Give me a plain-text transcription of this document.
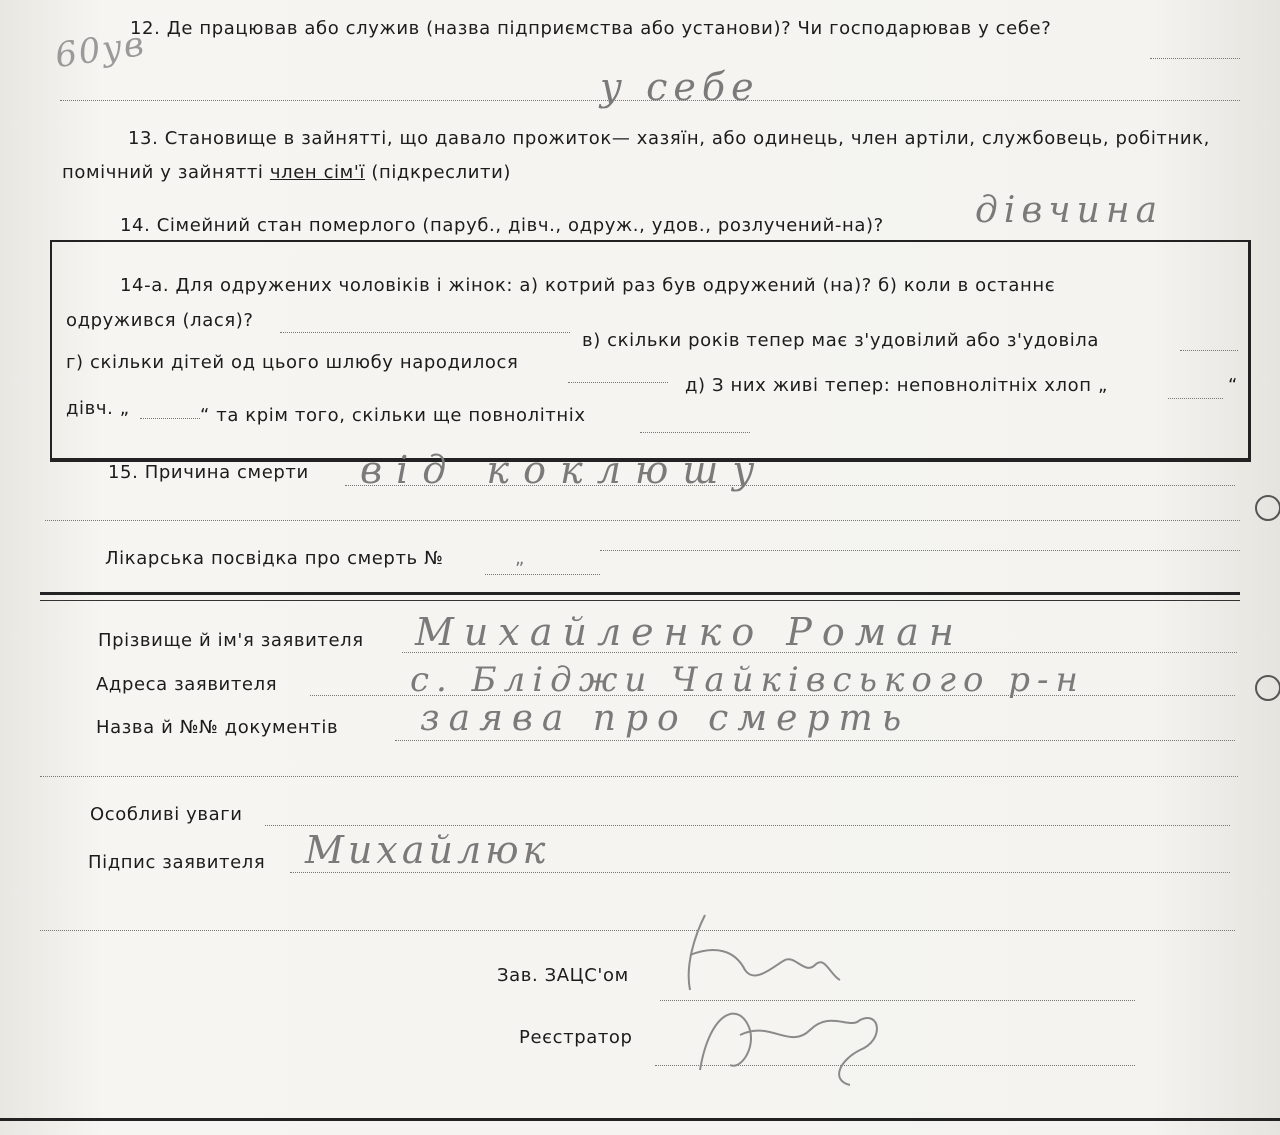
60ув
12. Де працював або служив (назва підприємства або установи)? Чи господарював у себе?
у себе
13. Становище в зайнятті, що давало прожиток— хазяїн, або одинець, член артіли, службовець, робітник,
помічний у зайнятті член сім'ї (підкреслити)
14. Сімейний стан померлого (паруб., дівч., одруж., удов., розлучений-на)?	дівчина
14-а. Для одружених чоловіків і жінок: а) котрий раз був одружений (на)? б) коли в останнє
одружився (лася)?
в) скільки років тепер має з'удовілий або з'удовіла
г) скільки дітей од цього шлюбу народилося
д) З них живі тепер: неповнолітніх хлоп „	“
дівч. „	“ та крім того, скільки ще повнолітніх
15. Причина смерти від коклюшу
Лікарська посвідка про смерть №	„
Прізвище й ім'я заявителя Михайленко Роман
Адреса заявителя	с. Бліджи Чайківського р-н
Назва й №№ документів заява про смерть
Особливі уваги
Підпис заявителя Михайлюк
Зав. ЗАЦС'ом
Реєстратор
